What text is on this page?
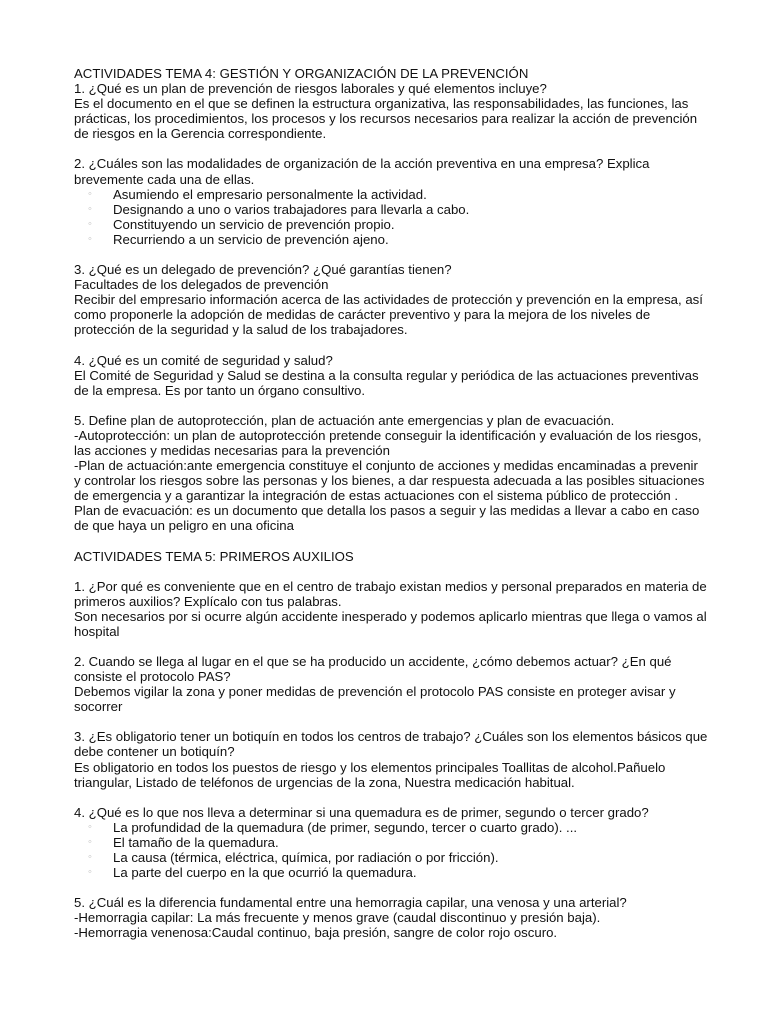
ACTIVIDADES TEMA 4: GESTIÓN Y ORGANIZACIÓN DE LA PREVENCIÓN

1. ¿Qué es un plan de prevención de riesgos laborales y qué elementos incluye?

Es el documento en el que se definen la estructura organizativa, las responsabilidades, las funciones, las prácticas, los procedimientos, los procesos y los recursos necesarios para realizar la acción de prevención de riesgos en la Gerencia correspondiente.

2. ¿Cuáles son las modalidades de organización de la acción preventiva en una empresa? Explica brevemente cada una de ellas.

◦ Asumiendo el empresario personalmente la actividad.
◦ Designando a uno o varios trabajadores para llevarla a cabo.
◦ Constituyendo un servicio de prevención propio.
◦ Recurriendo a un servicio de prevención ajeno.

3. ¿Qué es un delegado de prevención? ¿Qué garantías tienen?

Facultades de los delegados de prevención

Recibir del empresario información acerca de las actividades de protección y prevención en la empresa, así como proponerle la adopción de medidas de carácter preventivo y para la mejora de los niveles de protección de la seguridad y la salud de los trabajadores.

4. ¿Qué es un comité de seguridad y salud?

El Comité de Seguridad y Salud se destina a la consulta regular y periódica de las actuaciones preventivas de la empresa. Es por tanto un órgano consultivo.

5. Define plan de autoprotección, plan de actuación ante emergencias y plan de evacuación.

-Autoprotección: un plan de autoprotección pretende conseguir la identificación y evaluación de los riesgos, las acciones y medidas necesarias para la prevención

-Plan de actuación:ante emergencia constituye el conjunto de acciones y medidas encaminadas a prevenir y controlar los riesgos sobre las personas y los bienes, a dar respuesta adecuada a las posibles situaciones de emergencia y a garantizar la integración de estas actuaciones con el sistema público de protección .

Plan de evacuación: es un documento que detalla los pasos a seguir y las medidas a llevar a cabo en caso de que haya un peligro en una oficina

ACTIVIDADES TEMA 5: PRIMEROS AUXILIOS

1. ¿Por qué es conveniente que en el centro de trabajo existan medios y personal preparados en materia de primeros auxilios? Explícalo con tus palabras.

Son necesarios por si ocurre algún accidente inesperado y podemos aplicarlo mientras que llega o vamos al hospital

2. Cuando se llega al lugar en el que se ha producido un accidente, ¿cómo debemos actuar? ¿En qué consiste el protocolo PAS?

Debemos vigilar la zona y poner medidas de prevención el protocolo PAS consiste en proteger avisar y socorrer

3. ¿Es obligatorio tener un botiquín en todos los centros de trabajo? ¿Cuáles son los elementos básicos que debe contener un botiquín?

Es obligatorio en todos los puestos de riesgo y los elementos principales Toallitas de alcohol.Pañuelo triangular, Listado de teléfonos de urgencias de la zona, Nuestra medicación habitual.

4. ¿Qué es lo que nos lleva a determinar si una quemadura es de primer, segundo o tercer grado?

◦ La profundidad de la quemadura (de primer, segundo, tercer o cuarto grado). ...
◦ El tamaño de la quemadura.
◦ La causa (térmica, eléctrica, química, por radiación o por fricción).
◦ La parte del cuerpo en la que ocurrió la quemadura.

5. ¿Cuál es la diferencia fundamental entre una hemorragia capilar, una venosa y una arterial?

-Hemorragia capilar: La más frecuente y menos grave (caudal discontinuo y presión baja).

-Hemorragia venenosa:Caudal continuo, baja presión, sangre de color rojo oscuro.
